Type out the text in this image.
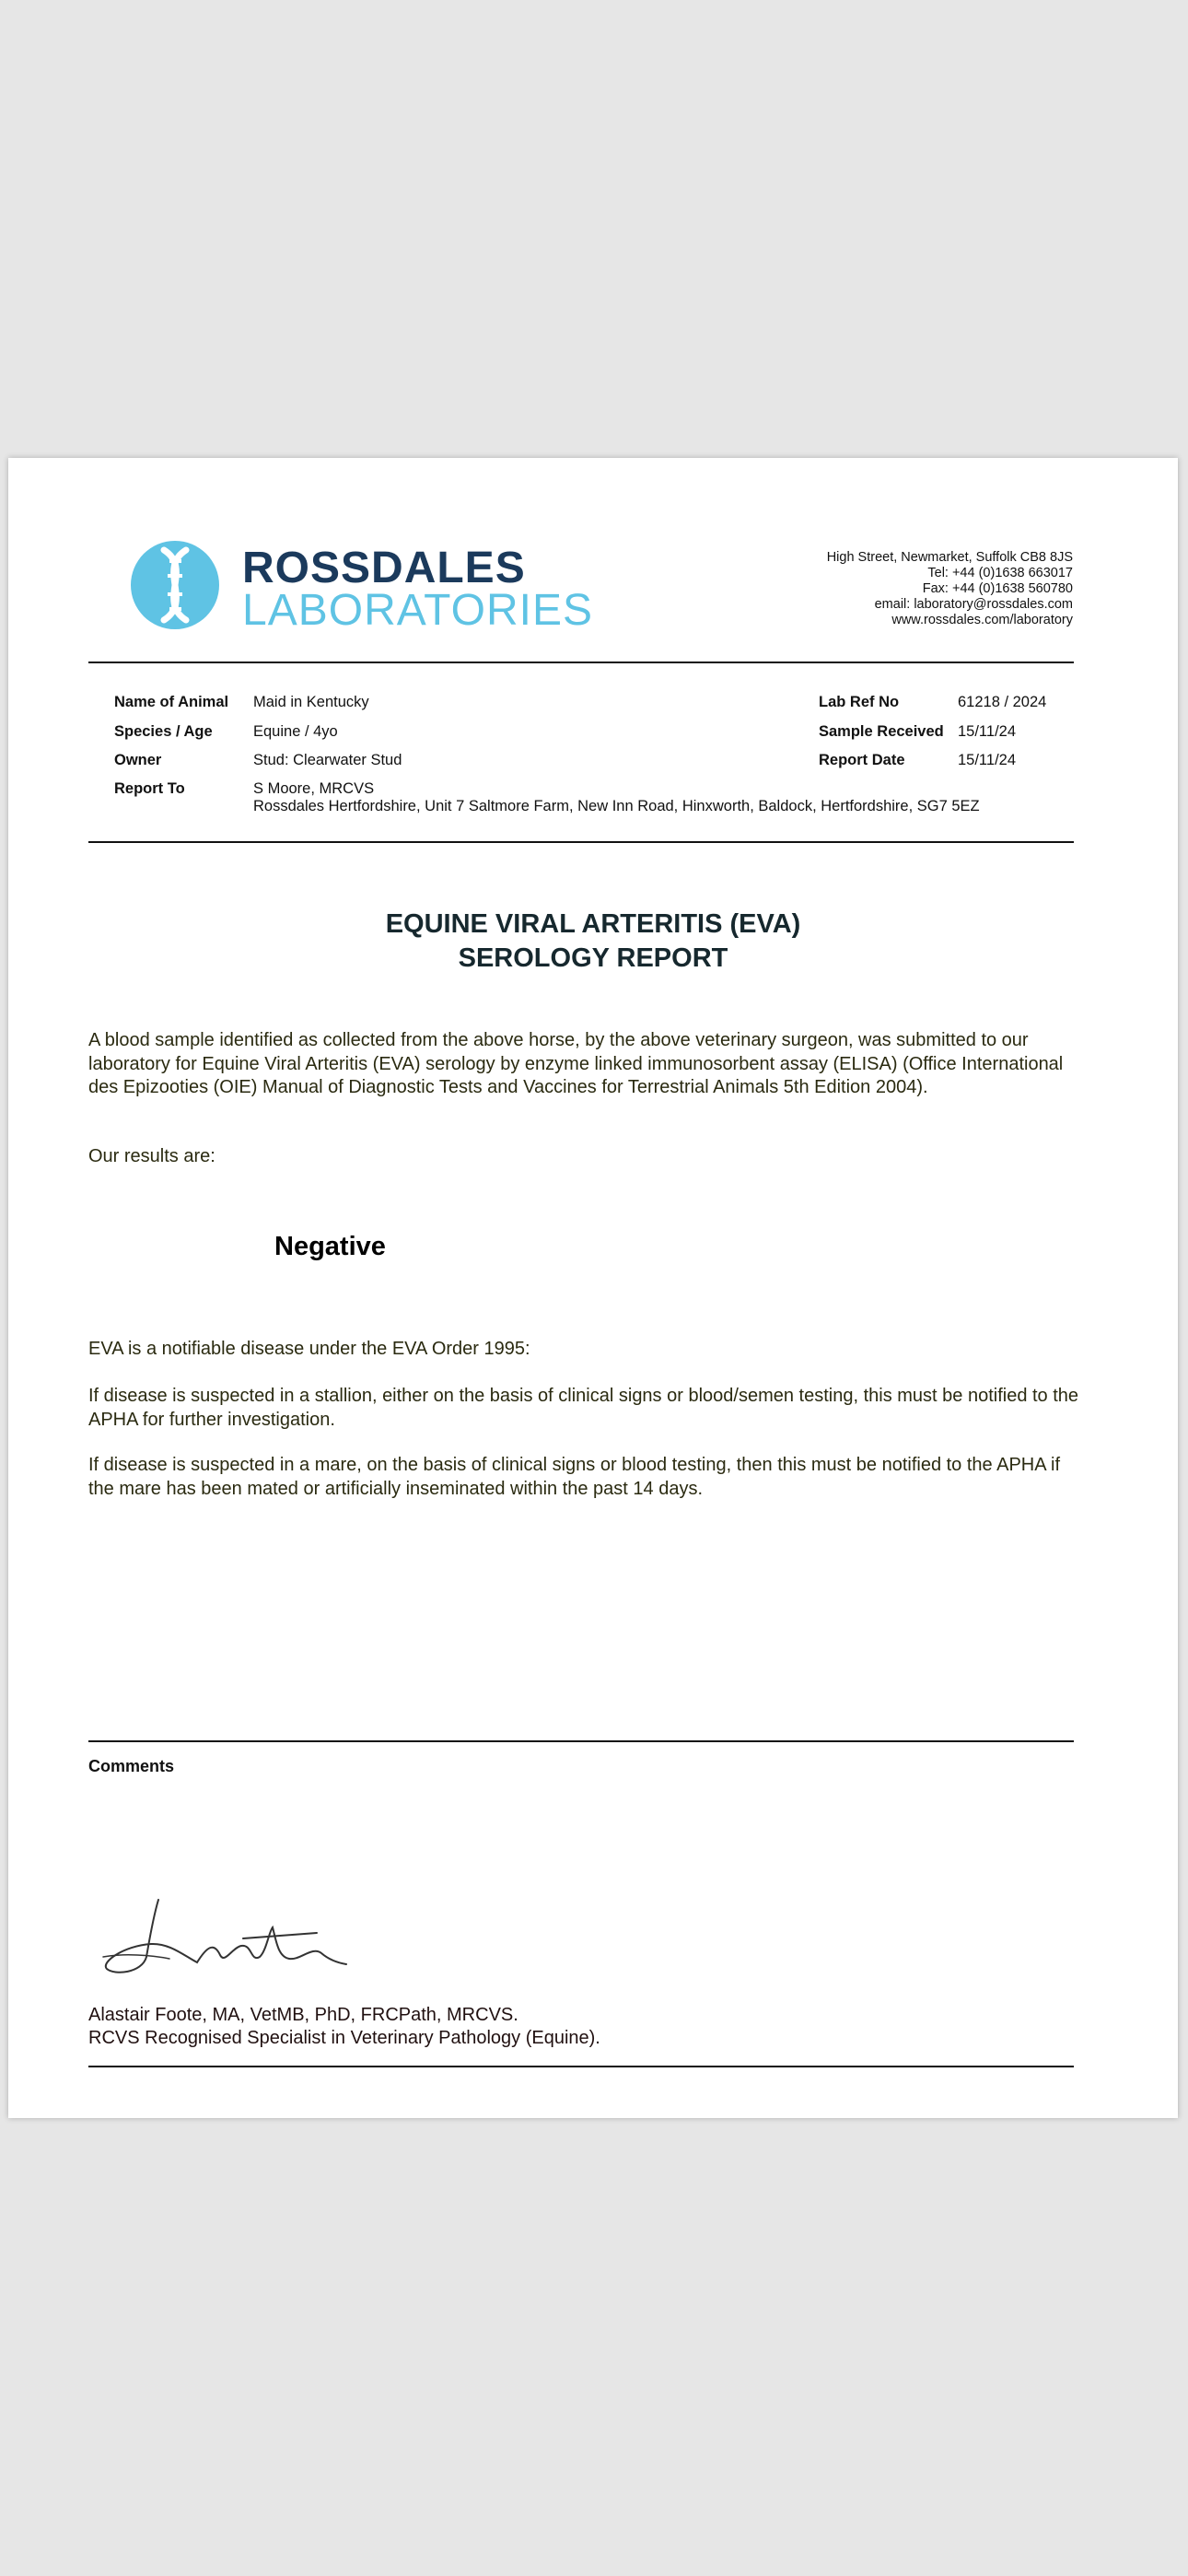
ROSSDALES
LABORATORIES
High Street, Newmarket, Suffolk CB8 8JS
Tel: +44 (0)1638 663017
Fax: +44 (0)1638 560780
email: laboratory@rossdales.com
www.rossdales.com/laboratory
Name of Animal Maid in Kentucky
Species / Age	Equine / 4yo
Owner	Stud: Clearwater Stud
Report To	S Moore, MRCVS
Rossdales Hertfordshire, Unit 7 Saltmore Farm, New Inn Road, Hinxworth, Baldock, Hertfordshire, SG7 5EZ
Lab Ref No	61218 / 2024
Sample Received 15/11/24
Report Date	15/11/24
EQUINE VIRAL ARTERITIS (EVA)
SEROLOGY REPORT
A blood sample identified as collected from the above horse, by the above veterinary surgeon, was submitted to our laboratory for Equine Viral Arteritis (EVA) serology by enzyme linked immunosorbent assay (ELISA) (Office International des Epizooties (OIE) Manual of Diagnostic Tests and Vaccines for Terrestrial Animals 5th Edition 2004).
Our results are:
Negative
EVA is a notifiable disease under the EVA Order 1995:
If disease is suspected in a stallion, either on the basis of clinical signs or blood/semen testing, this must be notified to the APHA for further investigation.
If disease is suspected in a mare, on the basis of clinical signs or blood testing, then this must be notified to the APHA if the mare has been mated or artificially inseminated within the past 14 days.
Comments
Alastair Foote, MA, VetMB, PhD, FRCPath, MRCVS.
RCVS Recognised Specialist in Veterinary Pathology (Equine).
